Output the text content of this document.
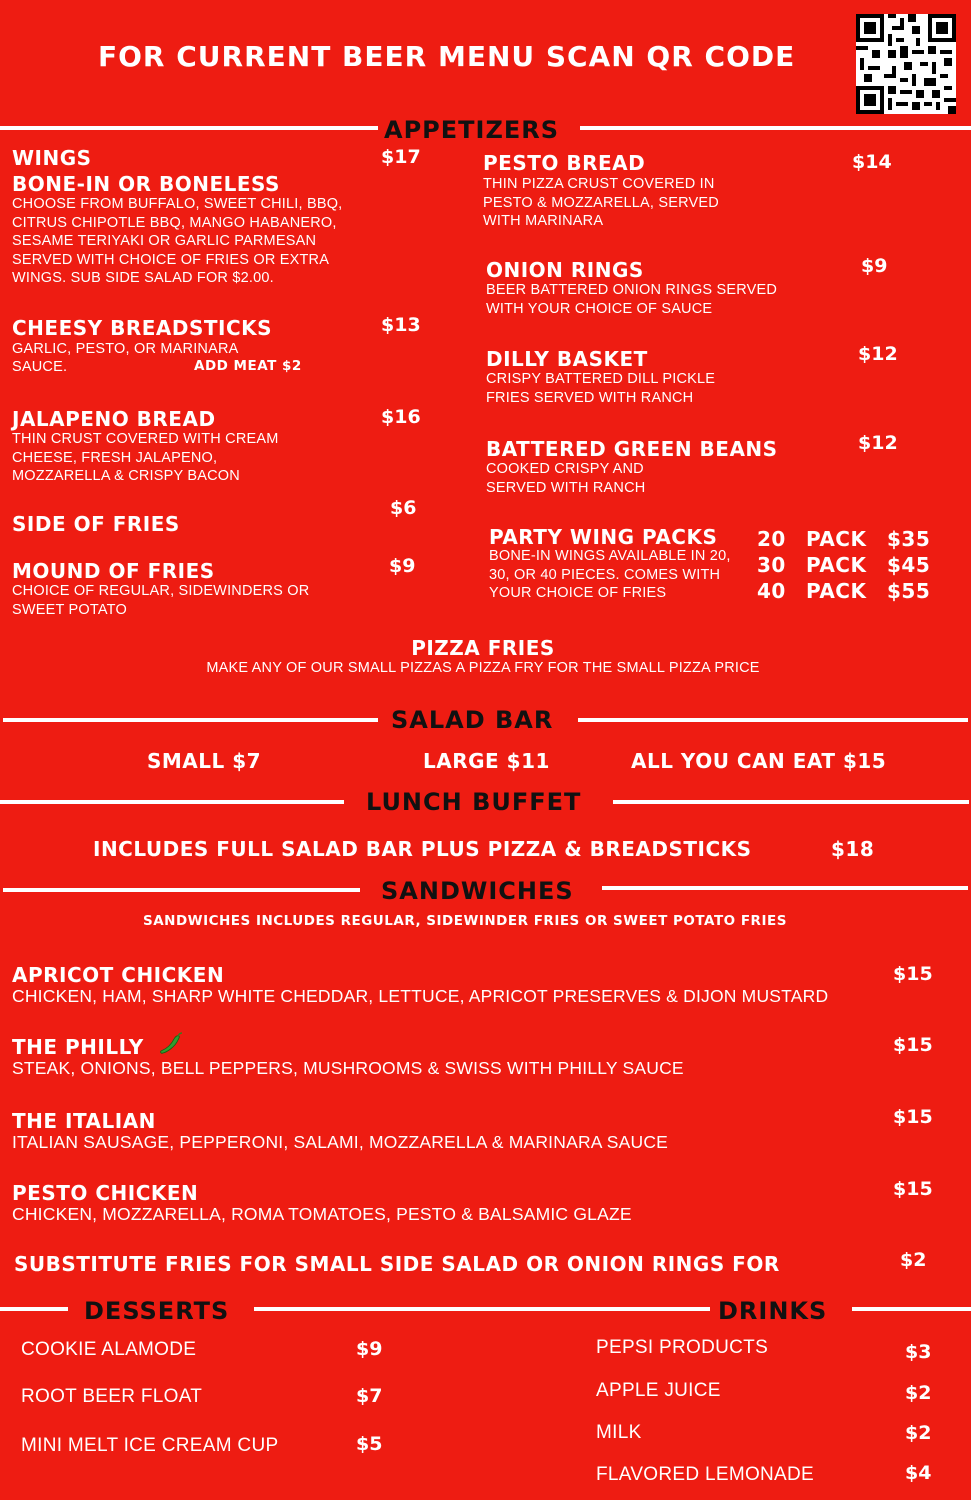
FOR CURRENT BEER MENU SCAN QR CODE
APPETIZERS
WINGS	$17
BONE-IN OR BONELESS
CHOOSE FROM BUFFALO, SWEET CHILI, BBQ, CITRUS CHIPOTLE BBQ, MANGO HABANERO, SESAME TERIYAKI OR GARLIC PARMESAN SERVED WITH CHOICE OF FRIES OR EXTRA WINGS. SUB SIDE SALAD FOR $2.00.
CHEESY BREADSTICKS	$13
GARLIC, PESTO, OR MARINARA
SAUCE.	ADD MEAT $2
JALAPENO BREAD	$16
THIN CRUST COVERED WITH CREAM CHEESE, FRESH JALAPENO, MOZZARELLA & CRISPY BACON
SIDE OF FRIES
$6
MOUND OF FRIES	$9
CHOICE OF REGULAR, SIDEWINDERS OR SWEET POTATO
PESTO BREAD	$14
THIN PIZZA CRUST COVERED IN PESTO & MOZZARELLA, SERVED WITH MARINARA
ONION RINGS	$9
BEER BATTERED ONION RINGS SERVED WITH YOUR CHOICE OF SAUCE
DILLY BASKET	$12
CRISPY BATTERED DILL PICKLE FRIES SERVED WITH RANCH
BATTERED GREEN BEANS	$12
COOKED CRISPY AND SERVED WITH RANCH
PARTY WING PACKS
BONE-IN WINGS AVAILABLE IN 20, 30, OR 40 PIECES. COMES WITH YOUR CHOICE OF FRIES
20 PACK $35
30 PACK $45
40 PACK $55
PIZZA FRIES
MAKE ANY OF OUR SMALL PIZZAS A PIZZA FRY FOR THE SMALL PIZZA PRICE
SALAD BAR
SMALL $7	LARGE $11	ALL YOU CAN EAT $15
LUNCH BUFFET
INCLUDES FULL SALAD BAR PLUS PIZZA & BREADSTICKS	$18
SANDWICHES
SANDWICHES INCLUDES REGULAR, SIDEWINDER FRIES OR SWEET POTATO FRIES
APRICOT CHICKEN	$15
CHICKEN, HAM, SHARP WHITE CHEDDAR, LETTUCE, APRICOT PRESERVES & DIJON MUSTARD
THE PHILLY	$15
STEAK, ONIONS, BELL PEPPERS, MUSHROOMS & SWISS WITH PHILLY SAUCE
THE ITALIAN	$15
ITALIAN SAUSAGE, PEPPERONI, SALAMI, MOZZARELLA & MARINARA SAUCE
PESTO CHICKEN	$15
CHICKEN, MOZZARELLA, ROMA TOMATOES, PESTO & BALSAMIC GLAZE
SUBSTITUTE FRIES FOR SMALL SIDE SALAD OR ONION RINGS FOR	$2
DESSERTS	DRINKS
COOKIE ALAMODE	$9
ROOT BEER FLOAT	$7
MINI MELT ICE CREAM CUP	$5
PEPSI PRODUCTS	$3
APPLE JUICE	$2
MILK	$2
FLAVORED LEMONADE	$4
